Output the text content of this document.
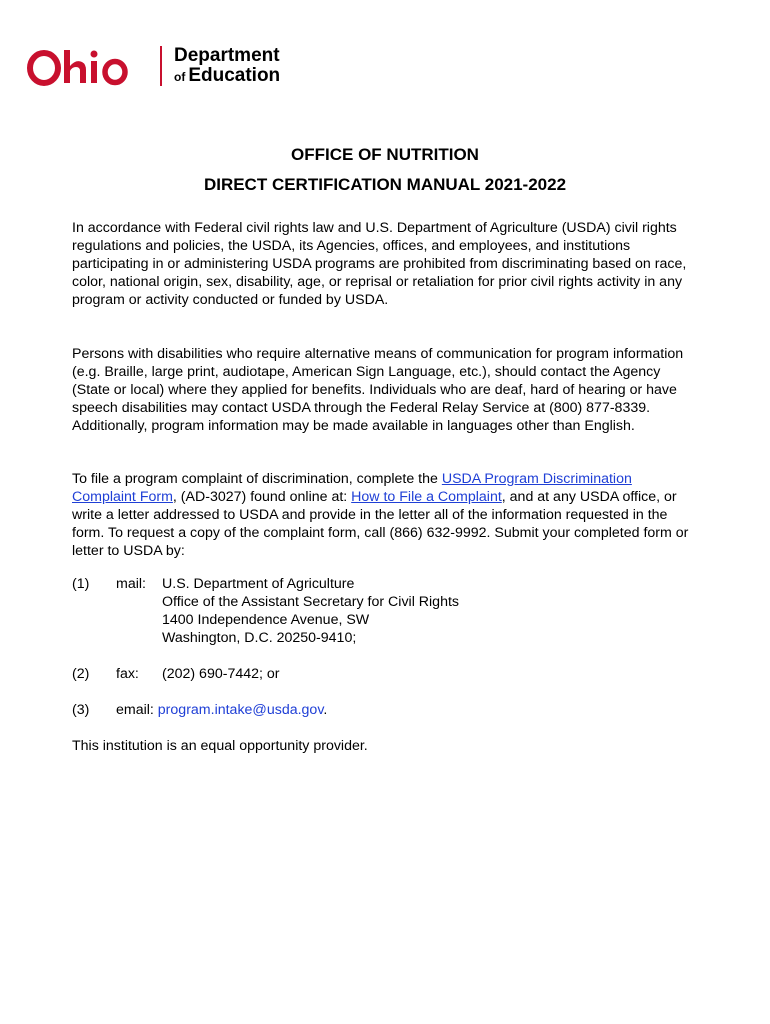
Department
of Education
OFFICE OF NUTRITION
DIRECT CERTIFICATION MANUAL 2021-2022
In accordance with Federal civil rights law and U.S. Department of Agriculture (USDA) civil rights regulations and policies, the USDA, its Agencies, offices, and employees, and institutions participating in or administering USDA programs are prohibited from discriminating based on race, color, national origin, sex, disability, age, or reprisal or retaliation for prior civil rights activity in any program or activity conducted or funded by USDA.
Persons with disabilities who require alternative means of communication for program information (e.g. Braille, large print, audiotape, American Sign Language, etc.), should contact the Agency (State or local) where they applied for benefits. Individuals who are deaf, hard of hearing or have speech disabilities may contact USDA through the Federal Relay Service at (800) 877-8339. Additionally, program information may be made available in languages other than English.
To file a program complaint of discrimination, complete the USDA Program Discrimination Complaint Form, (AD-3027) found online at: How to File a Complaint, and at any USDA office, or write a letter addressed to USDA and provide in the letter all of the information requested in the form. To request a copy of the complaint form, call (866) 632-9992. Submit your completed form or letter to USDA by:
(1)	mail:	U.S. Department of Agriculture
Office of the Assistant Secretary for Civil Rights
1400 Independence Avenue, SW
Washington, D.C. 20250-9410;
(2)	fax:	(202) 690-7442; or
(3)	email: program.intake@usda.gov.
This institution is an equal opportunity provider.
